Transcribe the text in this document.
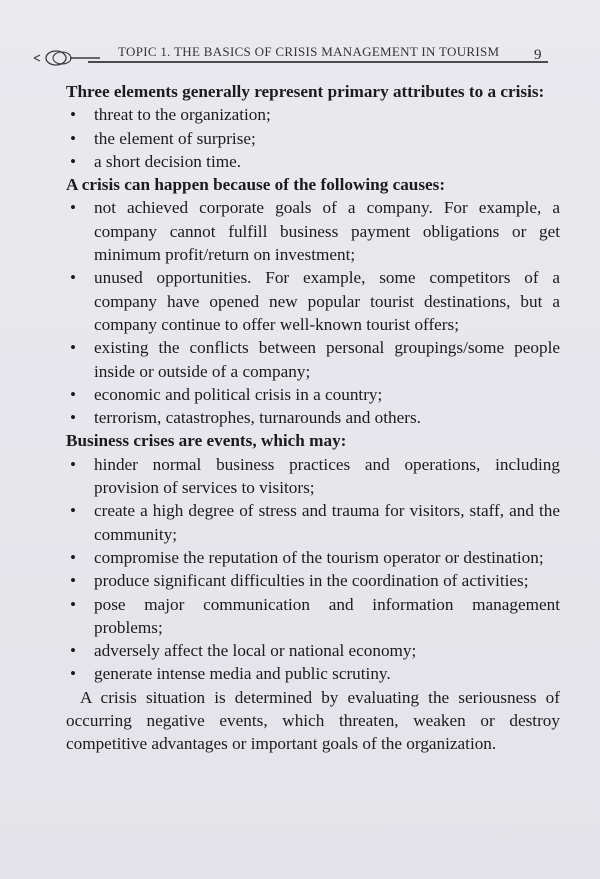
TOPIC 1. THE BASICS OF CRISIS MANAGEMENT IN TOURISM 9

Three elements generally represent primary attributes to a crisis:

• threat to the organization;
• the element of surprise;
• a short decision time.

A crisis can happen because of the following causes:

• not achieved corporate goals of a company. For example, a company cannot fulfill business payment obligations or get minimum profit/return on investment;
• unused opportunities. For example, some competitors of a company have opened new popular tourist destinations, but a company continue to offer well-known tourist offers;
• existing the conflicts between personal groupings/some people inside or outside of a company;
• economic and political crisis in a country;
• terrorism, catastrophes, turnarounds and others.

Business crises are events, which may:

• hinder normal business practices and operations, including provision of services to visitors;
• create a high degree of stress and trauma for visitors, staff, and the community;
• compromise the reputation of the tourism operator or destination;
• produce significant difficulties in the coordination of activities;
• pose major communication and information management problems;
• adversely affect the local or national economy;
• generate intense media and public scrutiny.

A crisis situation is determined by evaluating the seriousness of occurring negative events, which threaten, weaken or destroy competitive advantages or important goals of the organization.
